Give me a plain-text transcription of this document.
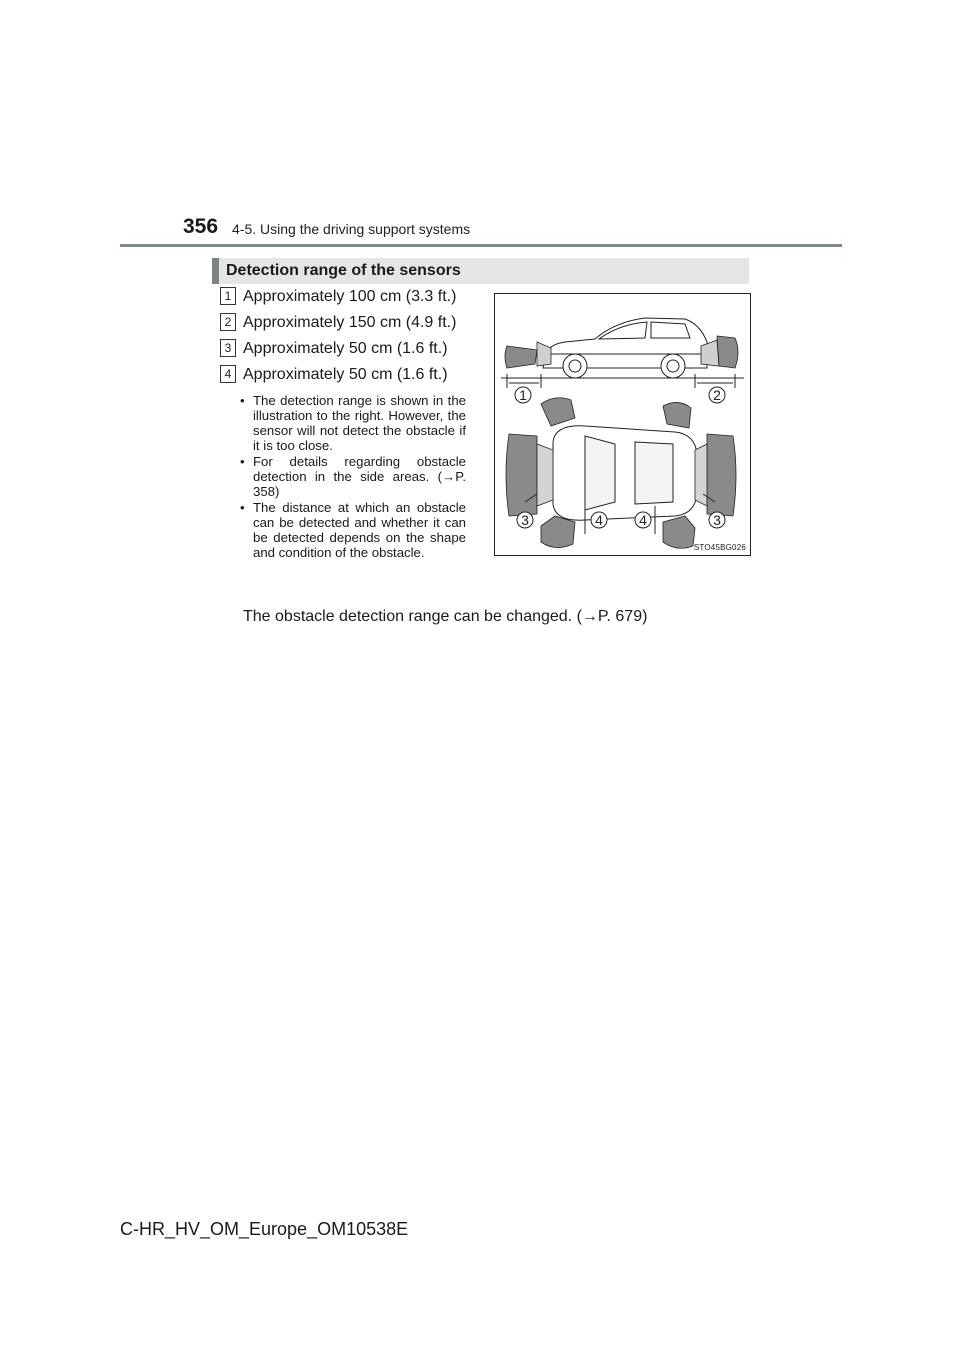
356 4-5. Using the driving support systems
Detection range of the sensors
1 Approximately 100 cm (3.3 ft.)
2 Approximately 150 cm (4.9 ft.)
3 Approximately 50 cm (1.6 ft.)
4 Approximately 50 cm (1.6 ft.)
• The detection range is shown in the illustration to the right. However, the sensor will not detect the obstacle if it is too close.
• For details regarding obstacle detection in the side areas. (→P. 358)
• The distance at which an obstacle can be detected and whether it can be detected depends on the shape and condition of the obstacle.
The obstacle detection range can be changed. (→P. 679)
1	2
3	4	4	3
STO45BG026
C-HR_HV_OM_Europe_OM10538E
